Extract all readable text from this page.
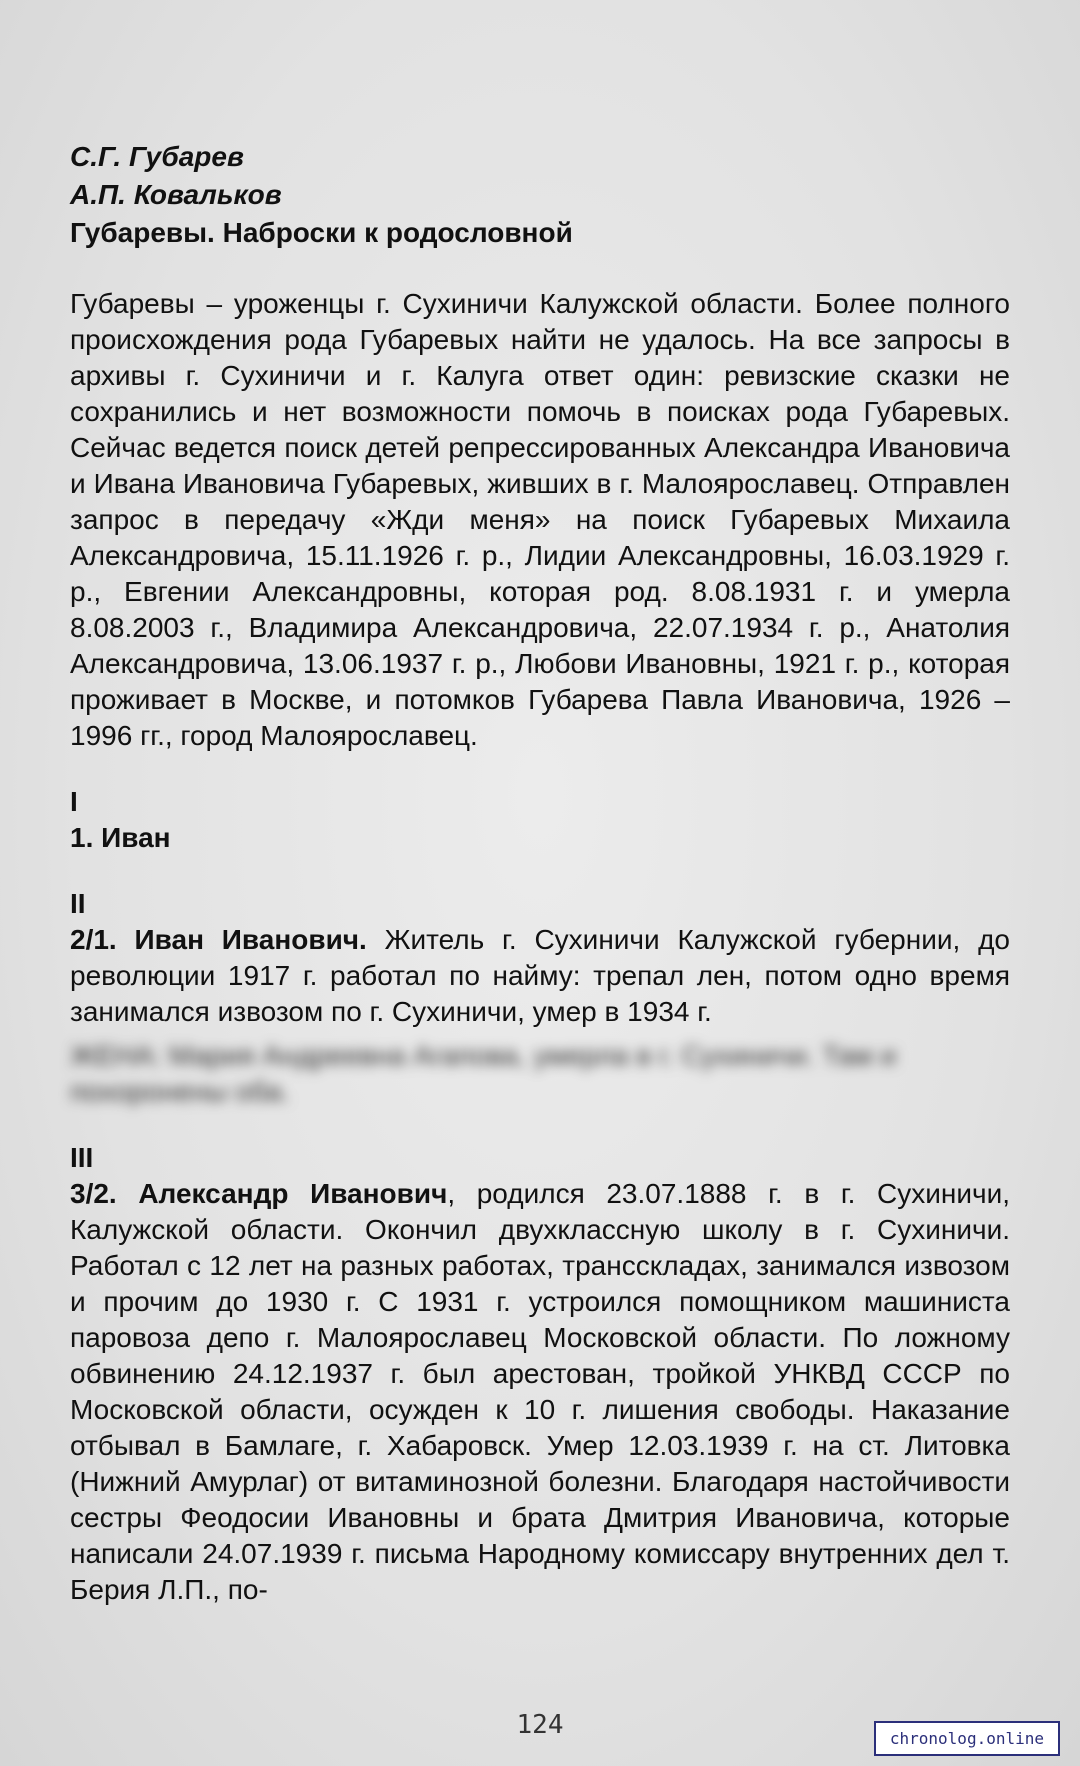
С.Г. Губарев
А.П. Ковальков
Губаревы. Наброски к родословной

Губаревы – уроженцы г. Сухиничи Калужской области. Более полного происхождения рода Губаревых найти не удалось. На все запросы в архивы г. Сухиничи и г. Калуга ответ один: ревизские сказки не сохранились и нет возможности помочь в поисках рода Губаревых. Сейчас ведется поиск детей репрессированных Александра Ивановича и Ивана Ивановича Губаревых, живших в г. Малоярославец. Отправлен запрос в передачу «Жди меня» на поиск Губаревых Михаила Александровича, 15.11.1926 г. р., Лидии Александровны, 16.03.1929 г. р., Евгении Александровны, которая род. 8.08.1931 г. и умерла 8.08.2003 г., Владимира Александровича, 22.07.1934 г. р., Анатолия Александровича, 13.06.1937 г. р., Любови Ивановны, 1921 г. р., которая проживает в Москве, и потомков Губарева Павла Ивановича, 1926 – 1996 гг., город Малоярославец.

I
1. Иван
II

2/1. Иван Иванович. Житель г. Сухиничи Калужской губернии, до революции 1917 г. работал по найму: трепал лен, потом одно время занимался извозом по г. Сухиничи, умер в 1934 г.

ЖЕНА: Мария Андреевна Агапова, умерла в г. Сухиничи. Там и похоронены оба.
III

3/2. Александр Иванович, родился 23.07.1888 г. в г. Сухиничи, Калужской области. Окончил двухклассную школу в г. Сухиничи. Работал с 12 лет на разных работах, трансскладах, занимался извозом и прочим до 1930 г. С 1931 г. устроился помощником машиниста паровоза депо г. Малоярославец Московской области. По ложному обвинению 24.12.1937 г. был арестован, тройкой УНКВД СССР по Московской области, осужден к 10 г. лишения свободы. Наказание отбывал в Бамлаге, г. Хабаровск. Умер 12.03.1939 г. на ст. Литовка (Нижний Амурлаг) от витаминозной болезни. Благодаря настойчивости сестры Феодосии Ивановны и брата Дмитрия Ивановича, которые написали 24.07.1939 г. письма Народному комиссару внутренних дел т. Берия Л.П., по-

124	chronolog.online
